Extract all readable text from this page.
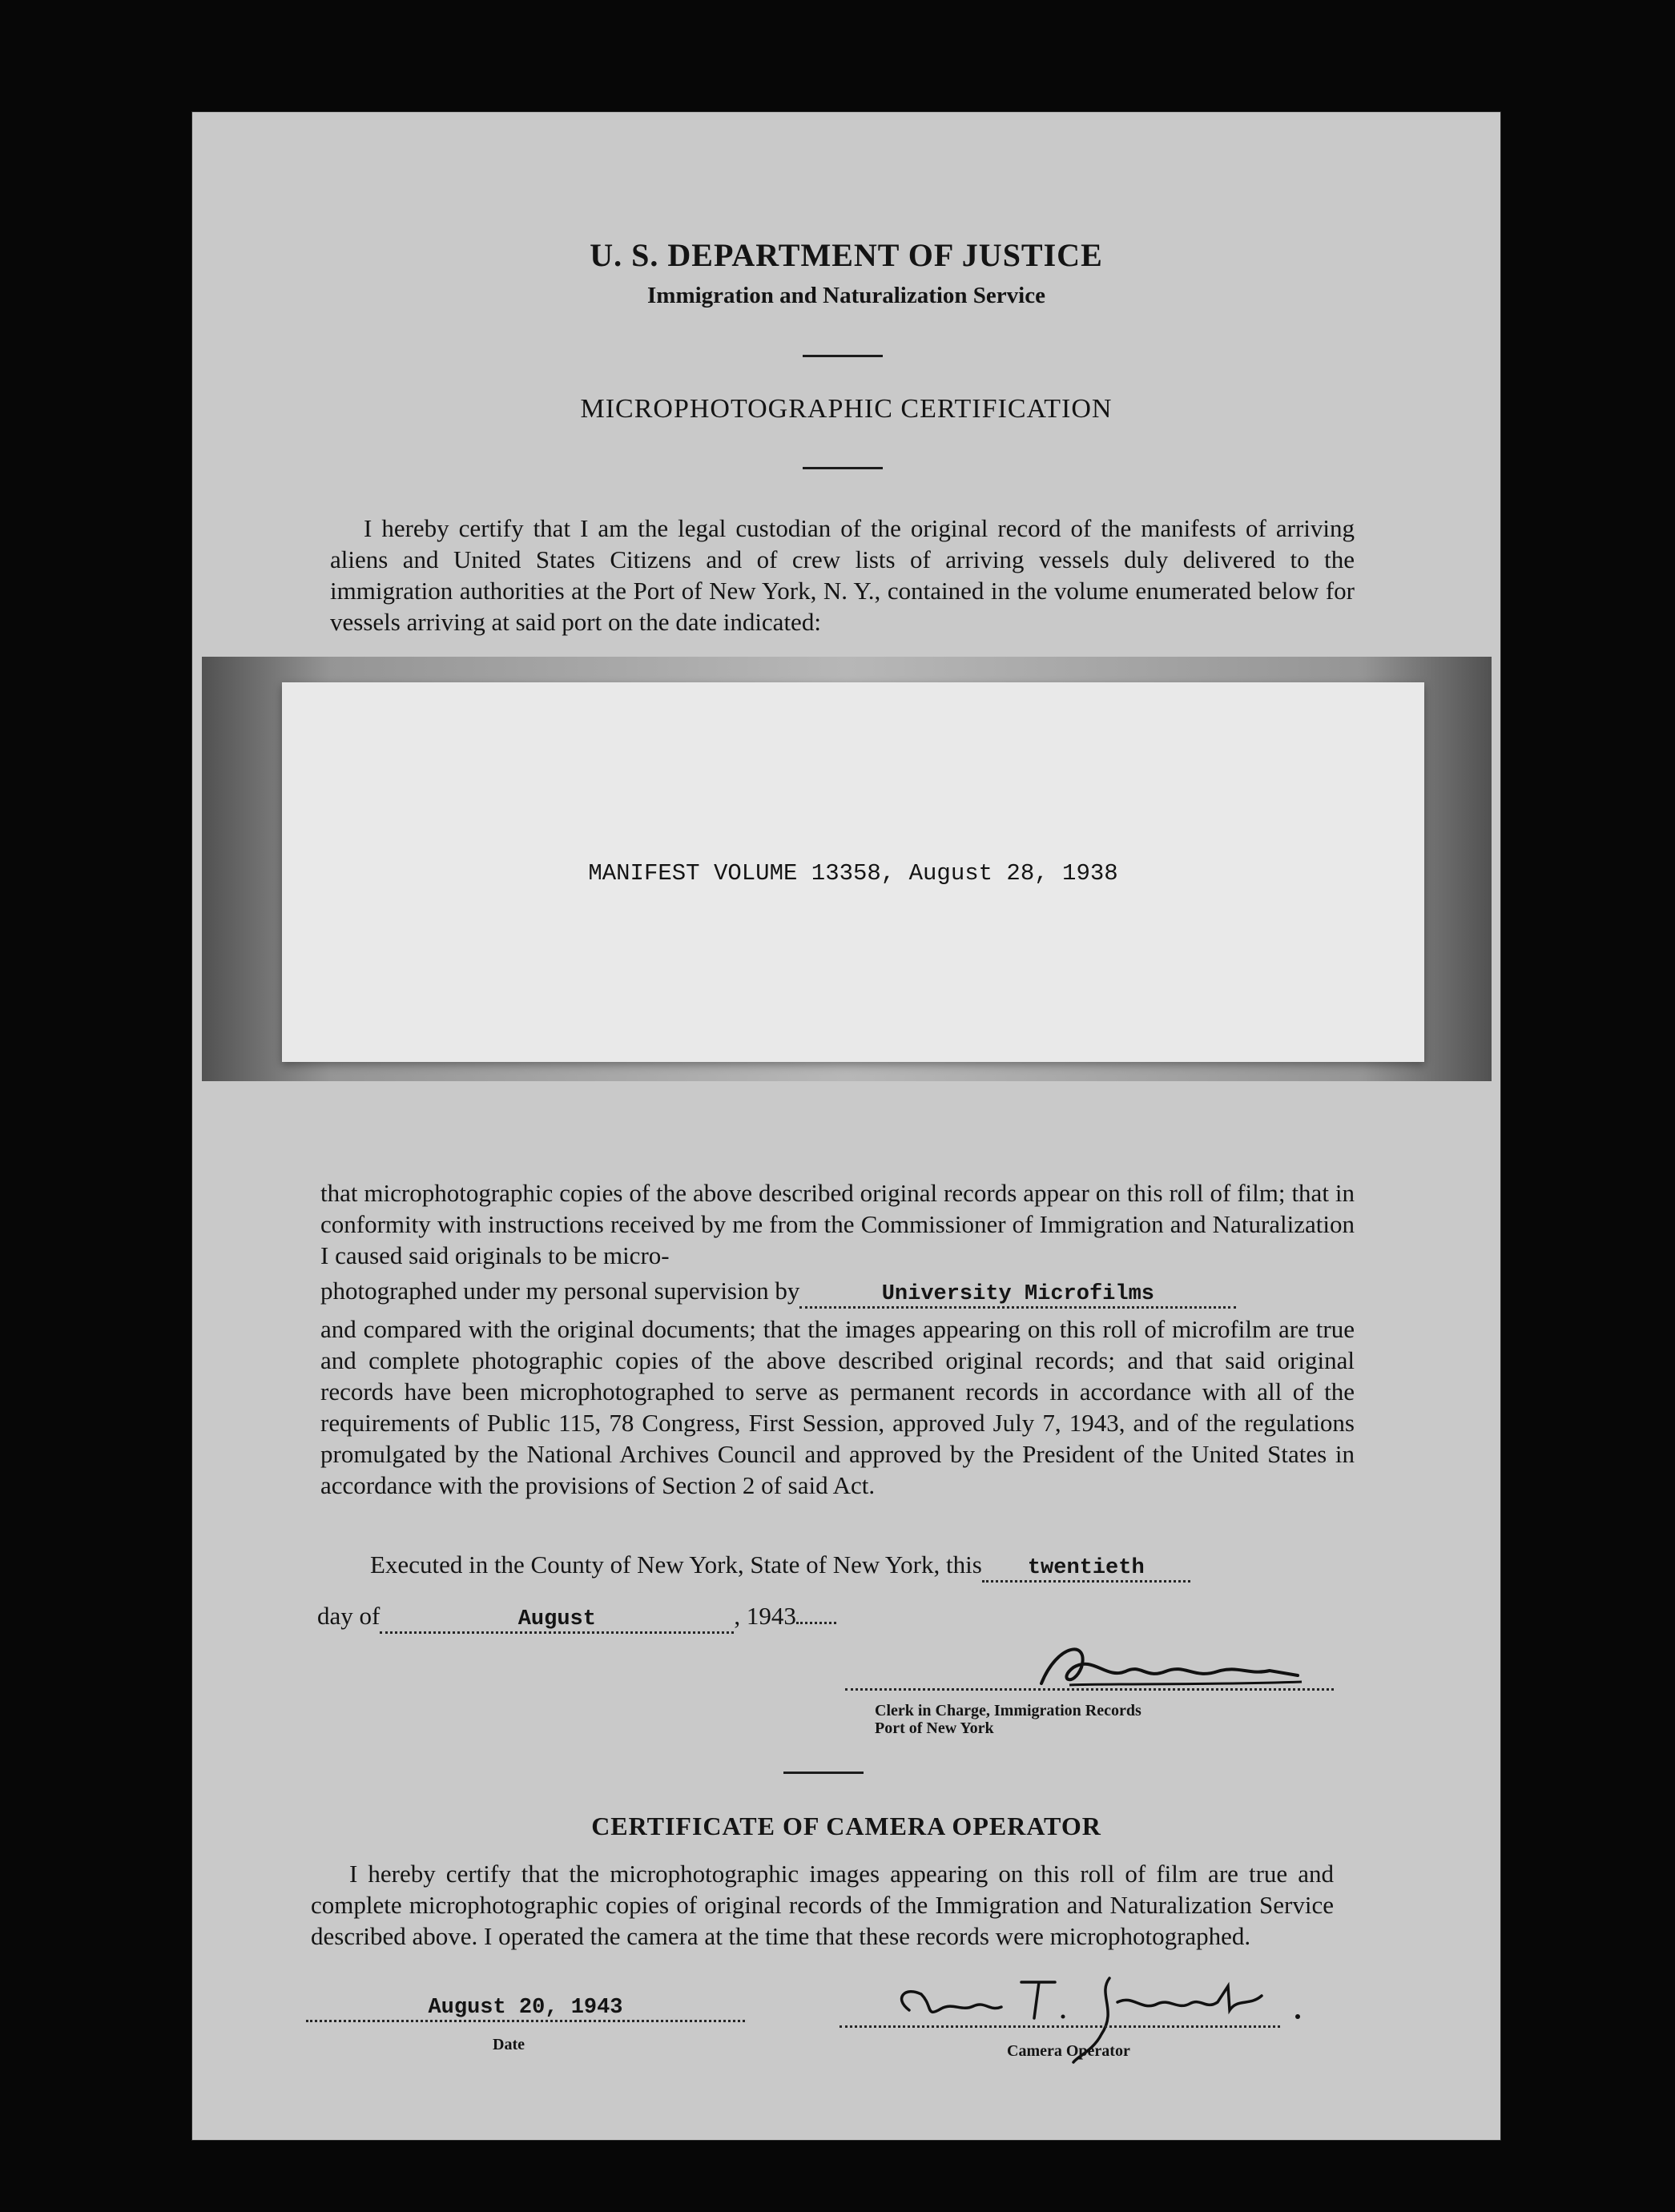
U. S. DEPARTMENT OF JUSTICE
Immigration and Naturalization Service
MICROPHOTOGRAPHIC CERTIFICATION

I hereby certify that I am the legal custodian of the original record of the manifests of arriving aliens and United States Citizens and of crew lists of arriving vessels duly delivered to the immigration authorities at the Port of New York, N. Y., contained in the volume enumerated below for vessels arriving at said port on the date indicated:

MANIFEST VOLUME 13358, August 28, 1938

that microphotographic copies of the above described original records appear on this roll of film; that in conformity with instructions received by me from the Commissioner of Immigration and Naturalization I caused said originals to be micro-

photographed under my personal supervision by	University Microfilms

and compared with the original documents; that the images appearing on this roll of microfilm are true and complete photographic copies of the above described original records; and that said original records have been microphotographed to serve as permanent records in accordance with all of the requirements of Public 115, 78 Congress, First Session, approved July 7, 1943, and of the regulations promulgated by the National Archives Council and approved by the President of the United States in accordance with the provisions of Section 2 of said Act.

Executed in the County of New York, State of New York, this twentieth
day of	August	, 1943
Clerk in Charge, Immigration Records
Port of New York
CERTIFICATE OF CAMERA OPERATOR

I hereby certify that the microphotographic images appearing on this roll of film are true and complete microphotographic copies of original records of the Immigration and Naturalization Service described above. I operated the camera at the time that these records were microphotographed.

August 20, 1943
Date	Camera Operator
